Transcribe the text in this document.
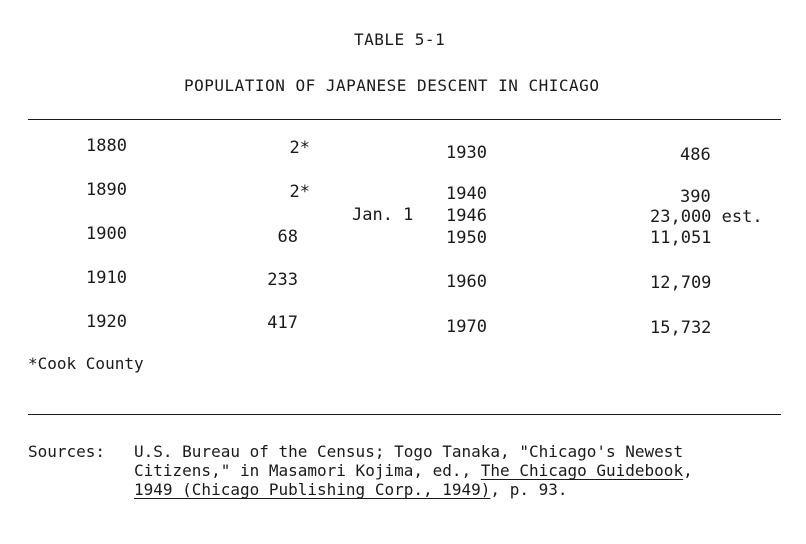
TABLE 5-1
POPULATION OF JAPANESE DESCENT IN CHICAGO
1880
1890
1900
1910
1920
2*
2*
68
233
417
Jan. 1
1930
1940
1946
1950
1960
1970
486
390
23,000 est.
11,051
12,709
15,732
*Cook County
Sources: U.S. Bureau of the Census; Togo Tanaka, "Chicago's Newest
Citizens," in Masamori Kojima, ed., The Chicago Guidebook,
1949 (Chicago Publishing Corp., 1949), p. 93.
